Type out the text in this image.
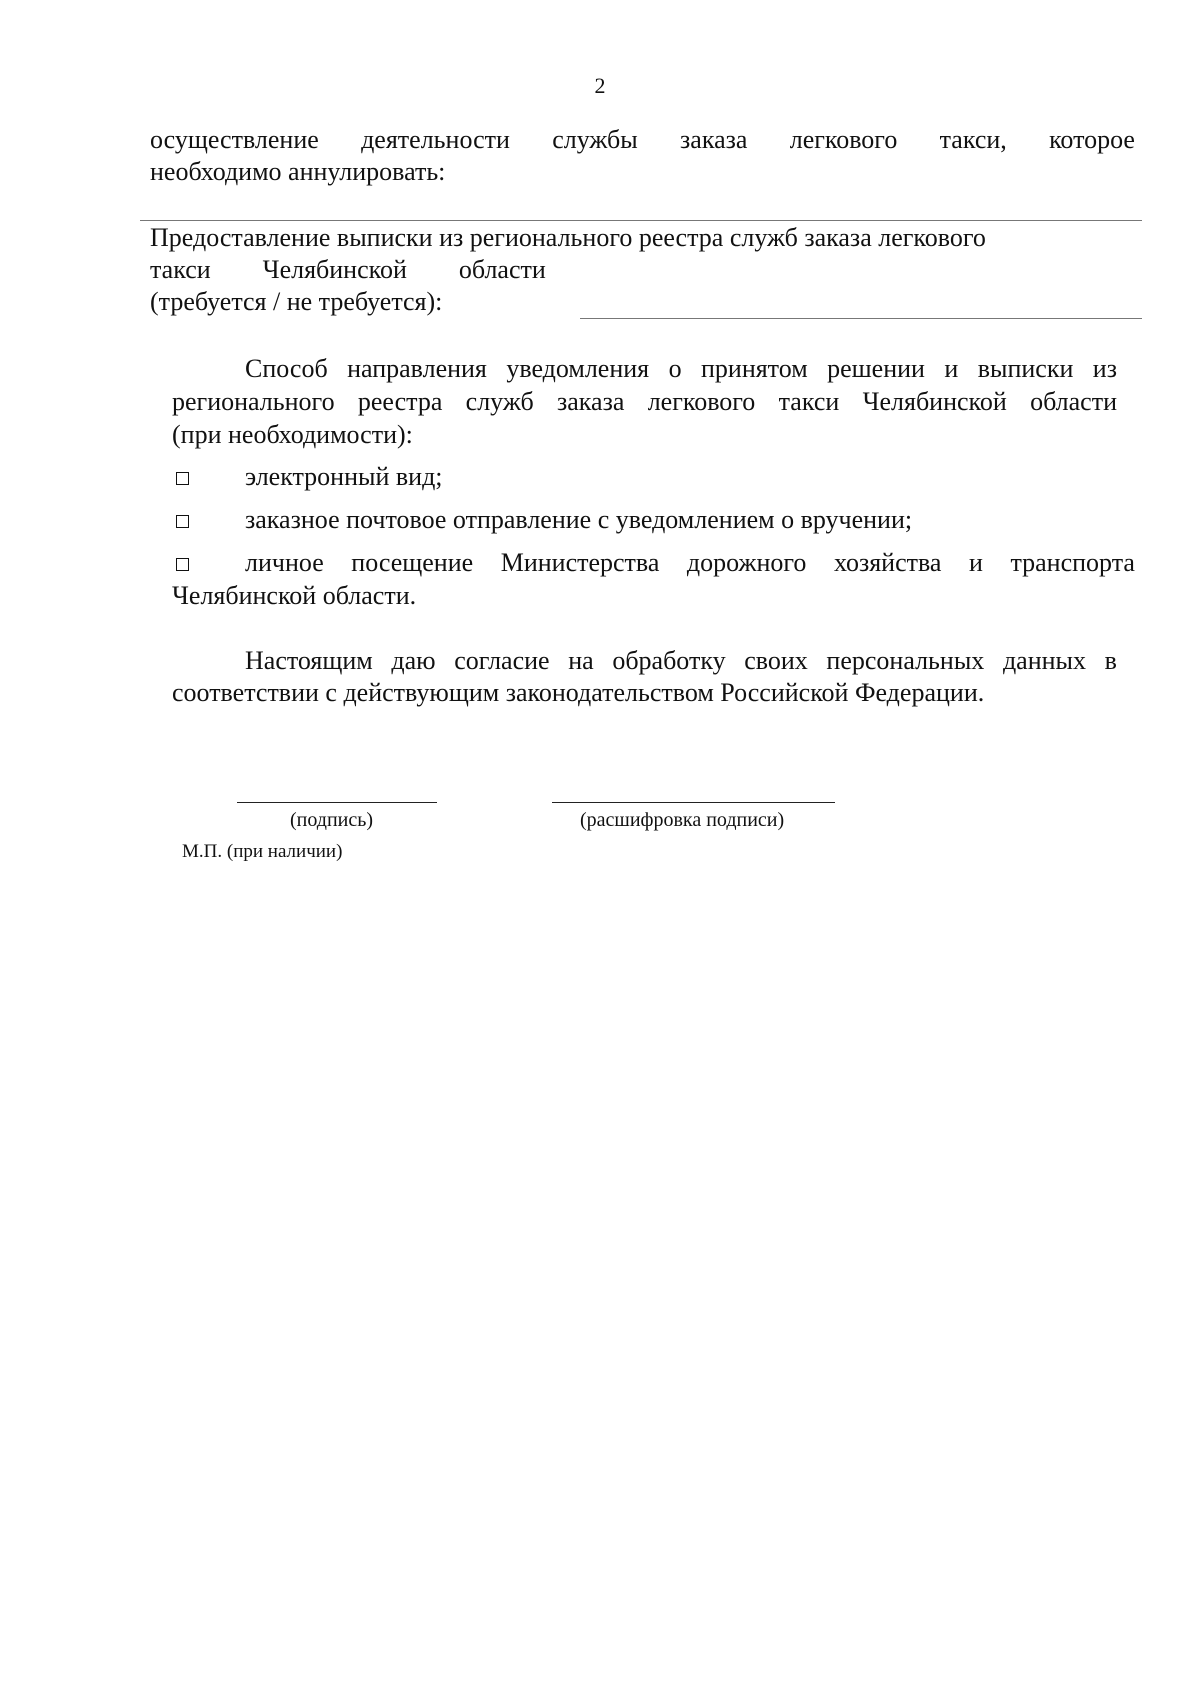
2
осуществление деятельности службы заказа легкового такси, которое
необходимо аннулировать:
Предоставление выписки из регионального реестра служб заказа легкового
такси Челябинской области
(требуется / не требуется):
Способ направления уведомления о принятом решении и выписки из
регионального реестра служб заказа легкового такси Челябинской области
(при необходимости):
электронный вид;
заказное почтовое отправление с уведомлением о вручении;
личное посещение Министерства дорожного хозяйства и транспорта
Челябинской области.
Настоящим даю согласие на обработку своих персональных данных в
соответствии с действующим законодательством Российской Федерации.
(подпись)	(расшифровка подписи)
М.П. (при наличии)
